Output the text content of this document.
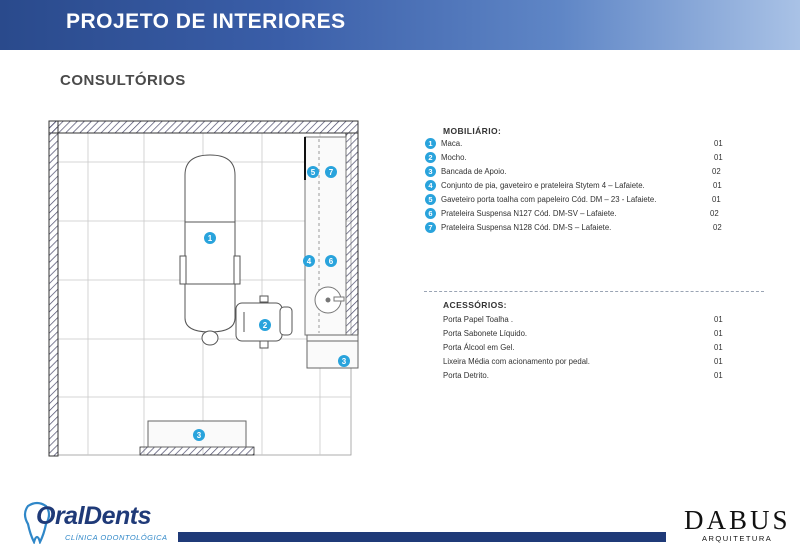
PROJETO DE INTERIORES
CONSULTÓRIOS
1
2
3
3
4
5
6
7
MOBILIÁRIO:
1	Maca.	01
2	Mocho.	01
3	Bancada de Apoio.	02
4	Conjunto de pia, gaveteiro e prateleira Stytem 4 – Lafaiete.	01
5	Gaveteiro porta toalha com papeleiro Cód. DM – 23 - Lafaiete.	01
6	Prateleira Suspensa N127 Cód. DM-SV – Lafaiete.	02
7	Prateleira Suspensa N128 Cód. DM-S – Lafaiete.	02
ACESSÓRIOS:
Porta Papel Toalha .	01
Porta Sabonete Líquido.	01
Porta Álcool em Gel.	01
Lixeira Média com acionamento por pedal.	01
Porta Detrito.	01
OralDents
CLÍNICA ODONTOLÓGICA
DABUS
ARQUITETURA
